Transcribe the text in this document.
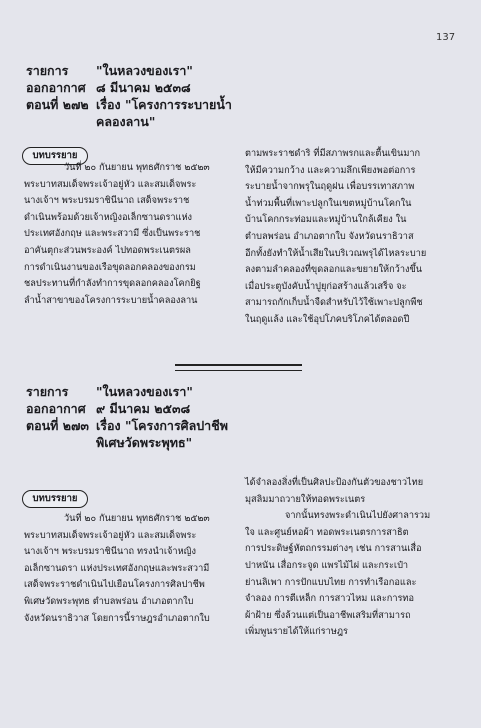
137
รายการ	"ในหลวงของเรา"
ออกอากาศ ๘ มีนาคม ๒๕๓๘
ตอนที่ ๒๗๒ เรื่อง "โครงการระบายน้ำ
คลองลาน"
บทบรรยาย

วันที่ ๒๐ กันยายน พุทธศักราช ๒๕๒๓

พระบาทสมเด็จพระเจ้าอยู่หัว และสมเด็จพระ

นางเจ้าฯ พระบรมราชินีนาถ เสด็จพระราช

ดำเนินพร้อมด้วยเจ้าหญิงอเล็กซานดราแห่ง

ประเทศอังกฤษ และพระสวามี ซึ่งเป็นพระราช

อาคันตุกะส่วนพระองค์ ไปทอดพระเนตรผล

การดำเนินงานของเรือขุดลอกคลองของกรม

ชลประทานที่กำลังทำการขุดลอกคลองโคกยิฐ

ลำน้ำสาขาของโครงการระบายน้ำคลองลาน

ตามพระราชดำริ ที่มีสภาพรกและตื้นเขินมาก

ให้มีความกว้าง และความลึกเพียงพอต่อการ

ระบายน้ำจากพรุในฤดูฝน เพื่อบรรเทาสภาพ

น้ำท่วมพื้นที่เพาะปลูกในเขตหมู่บ้านโคกใน

บ้านโคกกระท่อมและหมู่บ้านใกล้เคียง ใน

ตำบลพร่อน อำเภอตากใบ จังหวัดนราธิวาส

อีกทั้งยังทำให้น้ำเสียในบริเวณพรุได้ไหลระบาย

ลงตามลำคลองที่ขุดลอกและขยายให้กว้างขึ้น

เมื่อประตูบังคับน้ำปูยุก่อสร้างแล้วเสร็จ จะ

สามารถกักเก็บน้ำจืดสำหรับไว้ใช้เพาะปลูกพืช

ในฤดูแล้ง และใช้อุปโภคบริโภคได้ตลอดปี

รายการ	"ในหลวงของเรา"
ออกอากาศ ๙ มีนาคม ๒๕๓๘
ตอนที่ ๒๗๓ เรื่อง "โครงการศิลปาชีพ
พิเศษวัดพระพุทธ"
บทบรรยาย

วันที่ ๒๐ กันยายน พุทธศักราช ๒๕๒๓

พระบาทสมเด็จพระเจ้าอยู่หัว และสมเด็จพระ

นางเจ้าฯ พระบรมราชินีนาถ ทรงนำเจ้าหญิง

อเล็กซานดรา แห่งประเทศอังกฤษและพระสวามี

เสด็จพระราชดำเนินไปเยือนโครงการศิลปาชีพ

พิเศษวัดพระพุทธ ตำบลพร่อน อำเภอตากใบ

จังหวัดนราธิวาส โดยการนี้ราษฎรอำเภอตากใบ

ได้จำลองสิ่งที่เป็นศิลปะป้องกันตัวของชาวไทย

มุสลิมมาถวายให้ทอดพระเนตร

จากนั้นทรงพระดำเนินไปยังศาลารวม

ใจ และศูนย์หอผ้า ทอดพระเนตรการสาธิต

การประดิษฐ์หัตถกรรมต่างๆ เช่น การสานเสื่อ

ปาหนัน เสื่อกระจูด แพรไม้ไผ่ และกระเป๋า

ย่านลิเพา การปักแบบไทย การทำเรือกอและ

จำลอง การตีเหล็ก การสาวไหม และการทอ

ผ้าฝ้าย ซึ่งล้วนแต่เป็นอาชีพเสริมที่สามารถ

เพิ่มพูนรายได้ให้แก่ราษฎร
